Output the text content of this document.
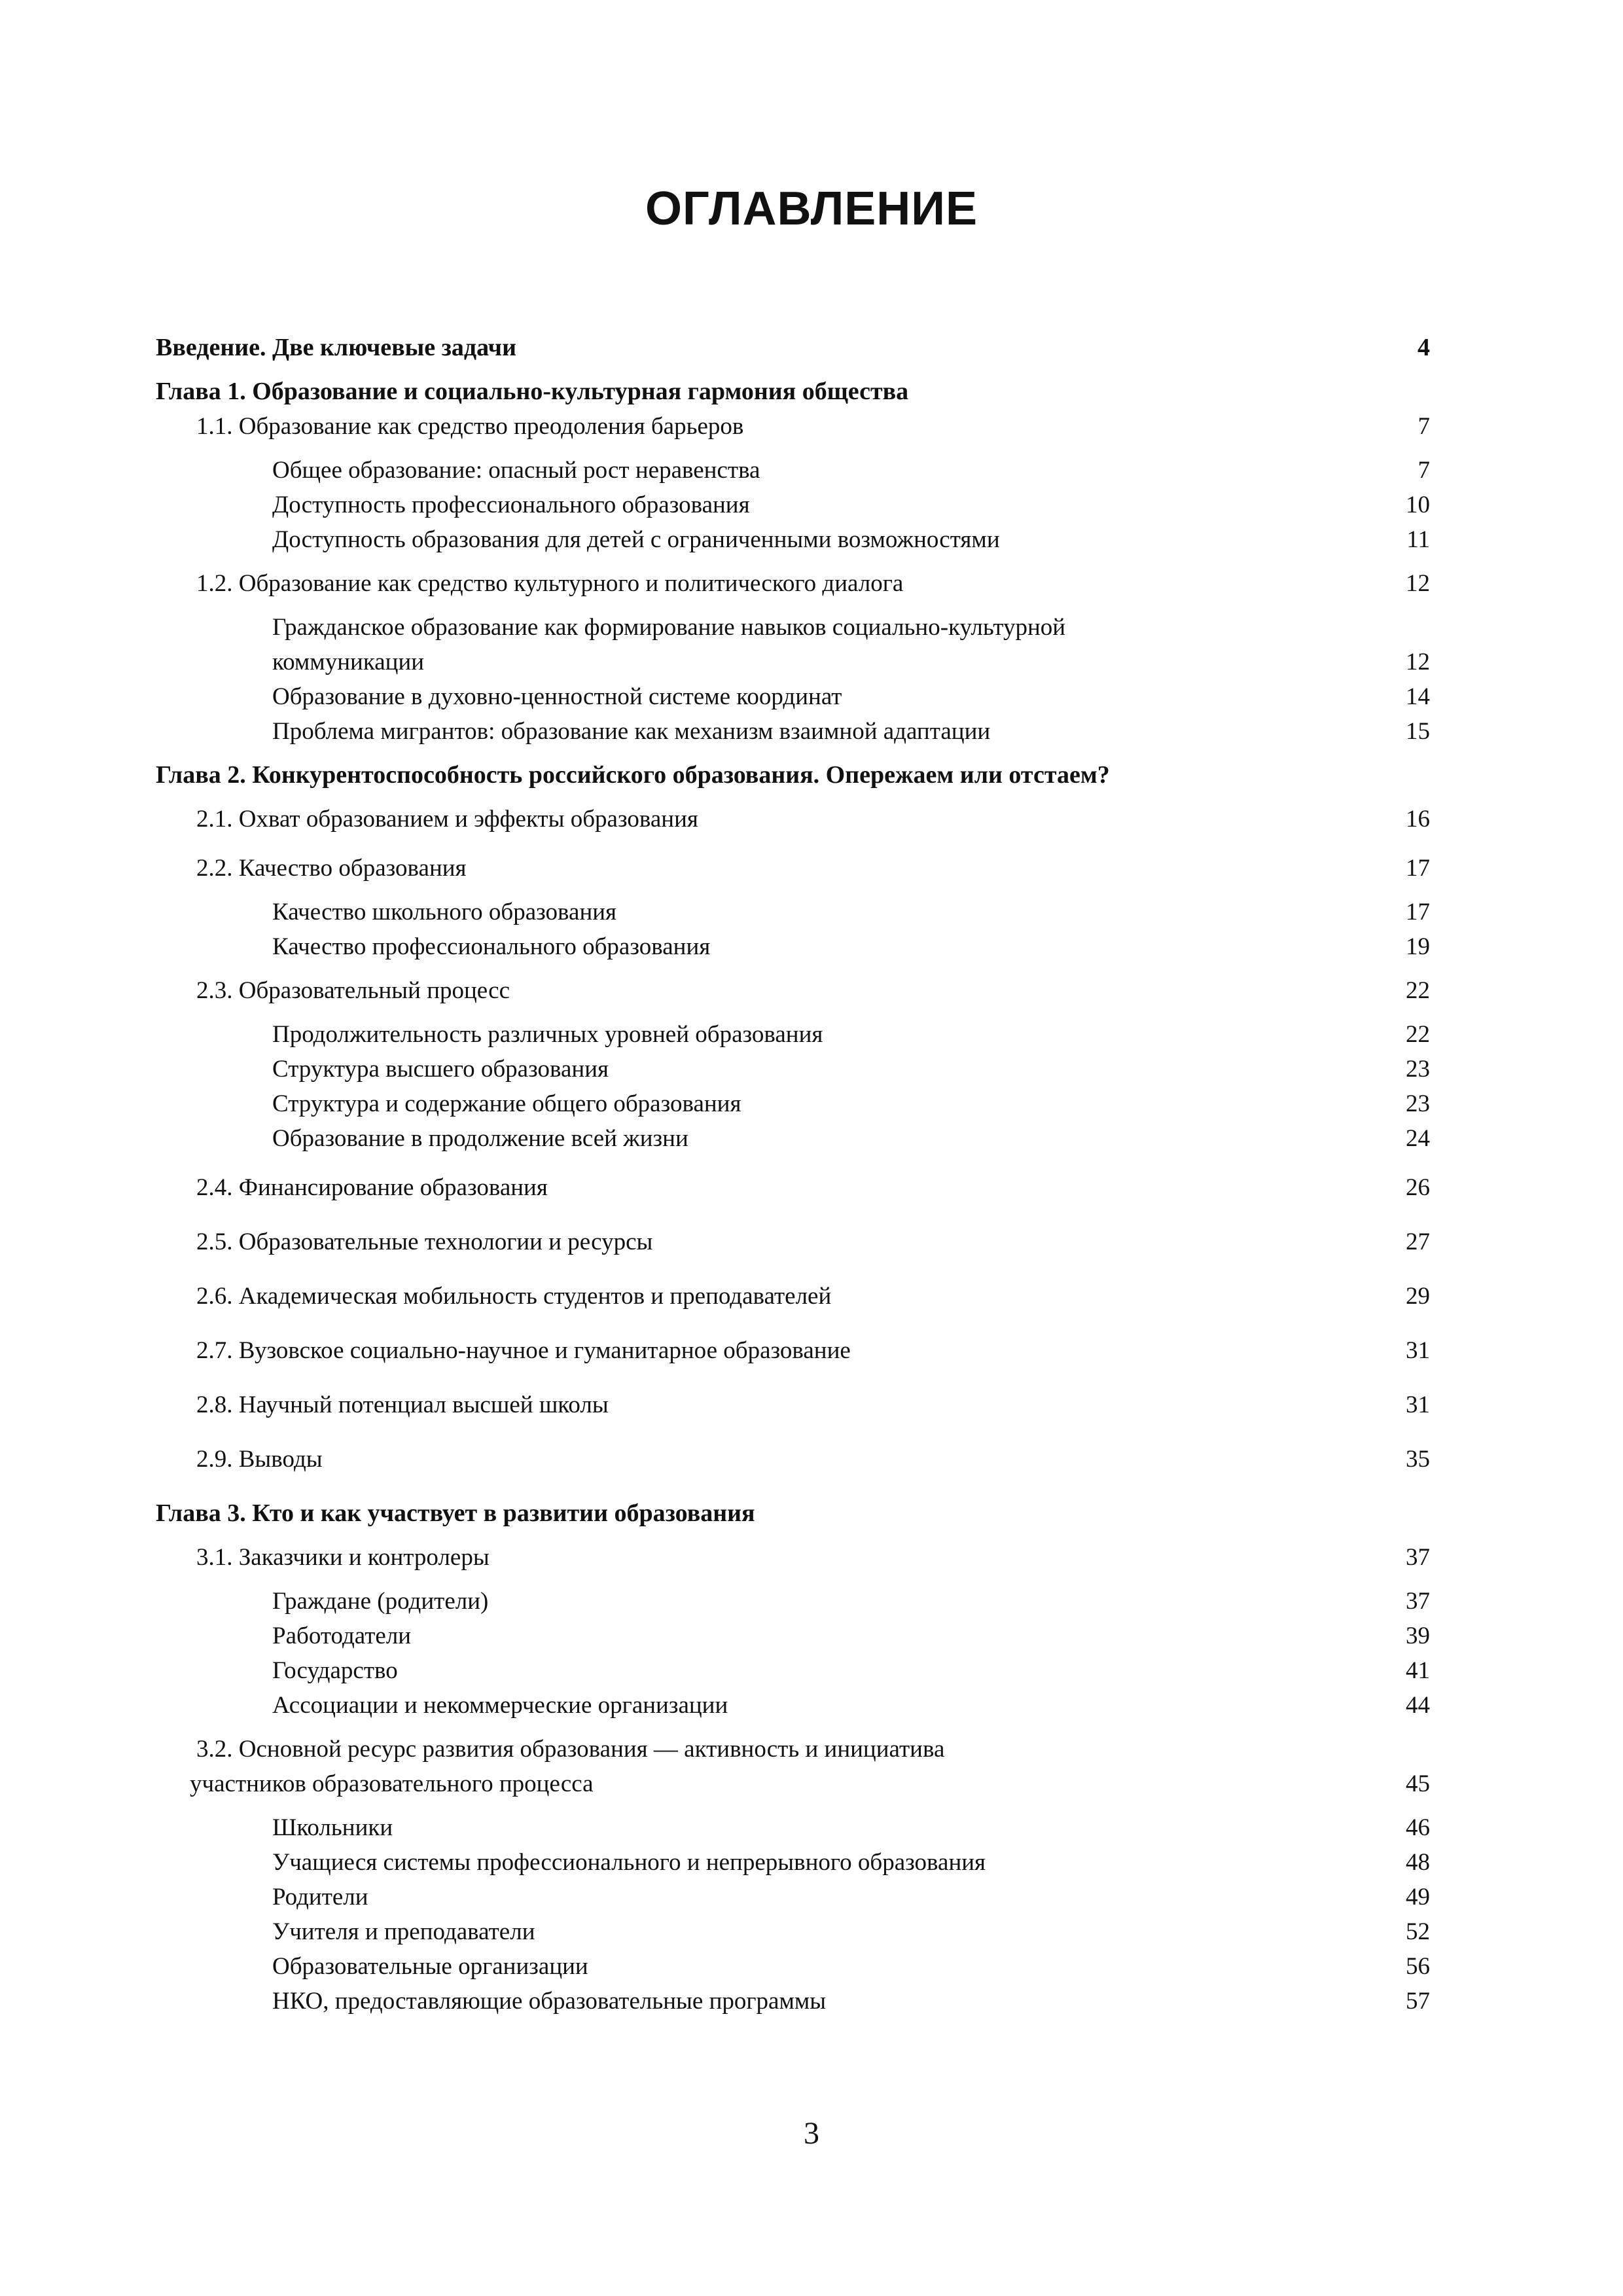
ОГЛАВЛЕНИЕ
Введение. Две ключевые задачи	4
Глава 1. Образование и социально-культурная гармония общества
1.1. Образование как средство преодоления барьеров	7
Общее образование: опасный рост неравенства	7
Доступность профессионального образования	10
Доступность образования для детей с ограниченными возможностями	11
1.2. Образование как средство культурного и политического диалога	12
Гражданское образование как формирование навыков социально-культурной
коммуникации	12
Образование в духовно-ценностной системе координат	14
Проблема мигрантов: образование как механизм взаимной адаптации	15
Глава 2. Конкурентоспособность российского образования. Опережаем или отстаем?
2.1. Охват образованием и эффекты образования	16
2.2. Качество образования	17
Качество школьного образования	17
Качество профессионального образования	19
2.3. Образовательный процесс	22
Продолжительность различных уровней образования	22
Структура высшего образования	23
Структура и содержание общего образования	23
Образование в продолжение всей жизни	24
2.4. Финансирование образования	26
2.5. Образовательные технологии и ресурсы	27
2.6. Академическая мобильность студентов и преподавателей	29
2.7. Вузовское социально-научное и гуманитарное образование	31
2.8. Научный потенциал высшей школы	31
2.9. Выводы	35
Глава 3. Кто и как участвует в развитии образования
3.1. Заказчики и контролеры	37
Граждане (родители)	37
Работодатели	39
Государство	41
Ассоциации и некоммерческие организации	44
3.2. Основной ресурс развития образования — активность и инициатива
участников образовательного процесса	45
Школьники	46
Учащиеся системы профессионального и непрерывного образования	48
Родители	49
Учителя и преподаватели	52
Образовательные организации	56
НКО, предоставляющие образовательные программы	57

3
